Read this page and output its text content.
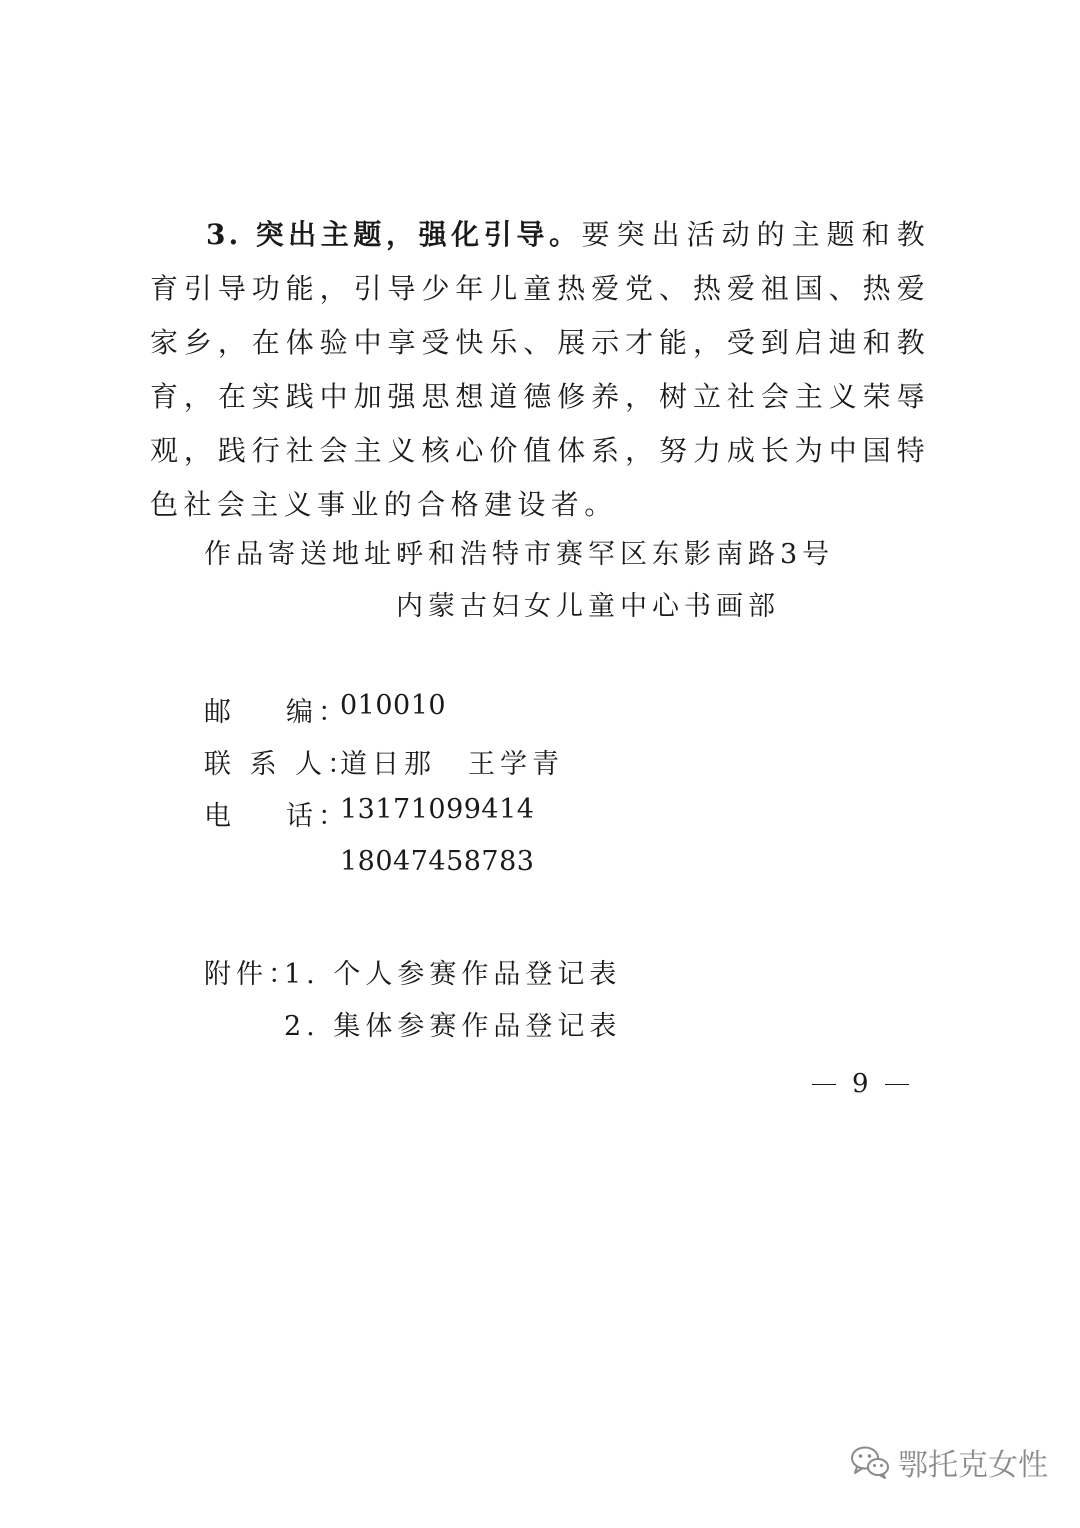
3. 突出主题，强化引导。要突出活动的主题和教育引导功能，引导少年儿童热爱党、热爱祖国、热爱家乡，在体验中享受快乐、展示才能，受到启迪和教育，在实践中加强思想道德修养，树立社会主义荣辱观，践行社会主义核心价值体系，努力成长为中国特色社会主义事业的合格建设者。

作品寄送地址：
呼和浩特市赛罕区东影南路3号
内蒙古妇女儿童中心书画部
邮 编：
010010
联 系 人：
道日那　王学青
电 话：
13171099414
18047458783
附件：
1. 个人参赛作品登记表
2. 集体参赛作品登记表
9
鄂托克女性
